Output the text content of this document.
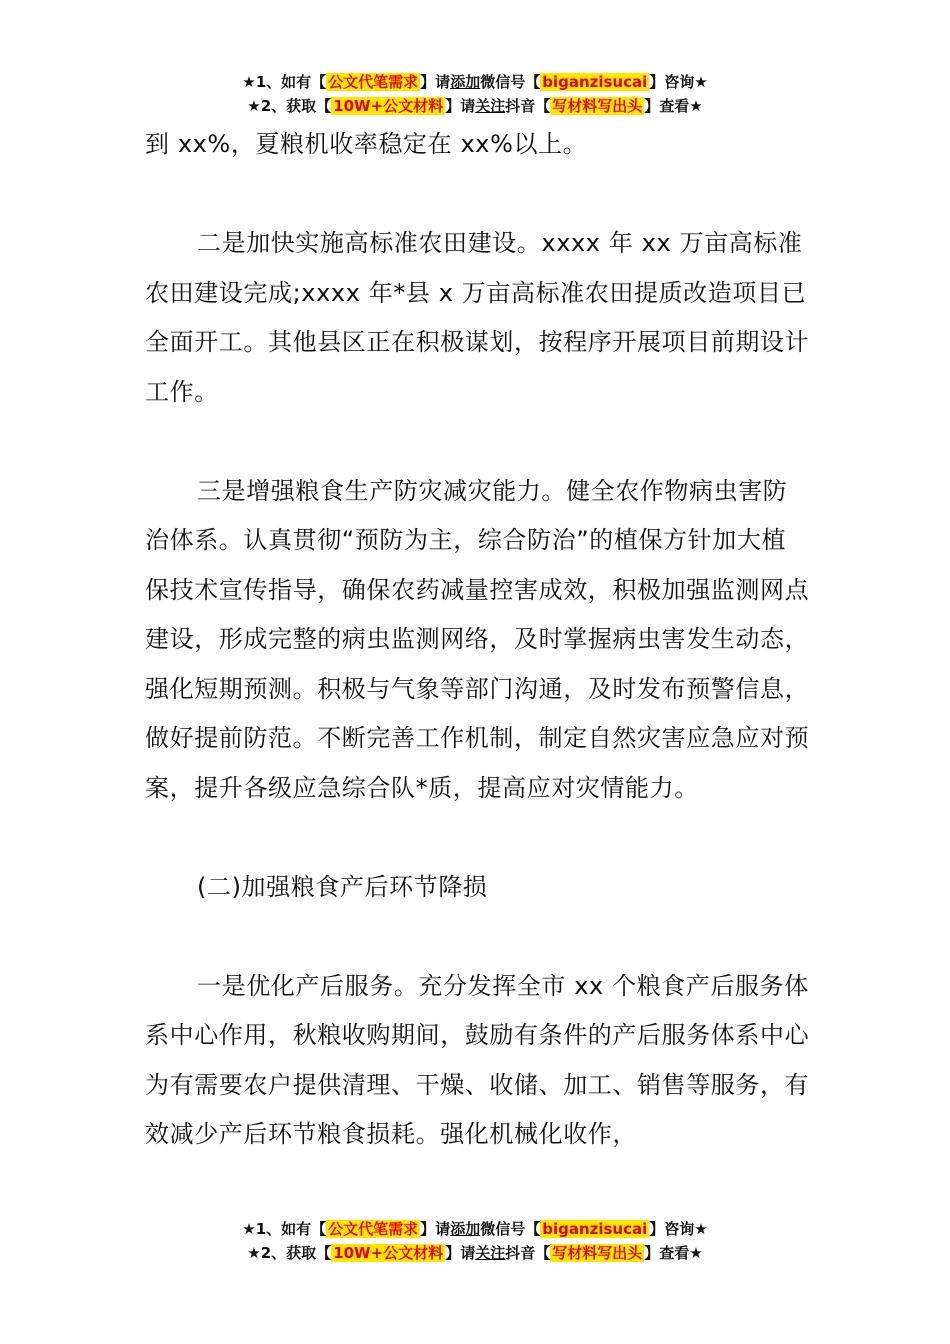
★1、如有【 公文代笔需求 】请添加微信号【 biganzisucai 】咨询★
★2、获取【 10W+公文材料 】请关注抖音【 写材料写出头 】查看★

到 xx%，夏粮机收率稳定在 xx%以上。

二是加快实施高标准农田建设。xxxx 年 xx 万亩高标准农田建设完成;xxxx 年*县 x 万亩高标准农田提质改造项目已全面开工。其他县区正在积极谋划，按程序开展项目前期设计工作。

三是增强粮食生产防灾减灾能力。健全农作物病虫害防治体系。认真贯彻“预防为主，综合防治”的植保方针加大植保技术宣传指导，确保农药减量控害成效，积极加强监测网点建设，形成完整的病虫监测网络，及时掌握病虫害发生动态，强化短期预测。积极与气象等部门沟通，及时发布预警信息，做好提前防范。不断完善工作机制，制定自然灾害应急应对预案，提升各级应急综合队*质，提高应对灾情能力。

(二)加强粮食产后环节降损

一是优化产后服务。充分发挥全市 xx 个粮食产后服务体系中心作用，秋粮收购期间，鼓励有条件的产后服务体系中心为有需要农户提供清理、干燥、收储、加工、销售等服务，有效减少产后环节粮食损耗。强化机械化收作，

★1、如有【 公文代笔需求 】请添加微信号【 biganzisucai 】咨询★
★2、获取【 10W+公文材料 】请关注抖音【 写材料写出头 】查看★
